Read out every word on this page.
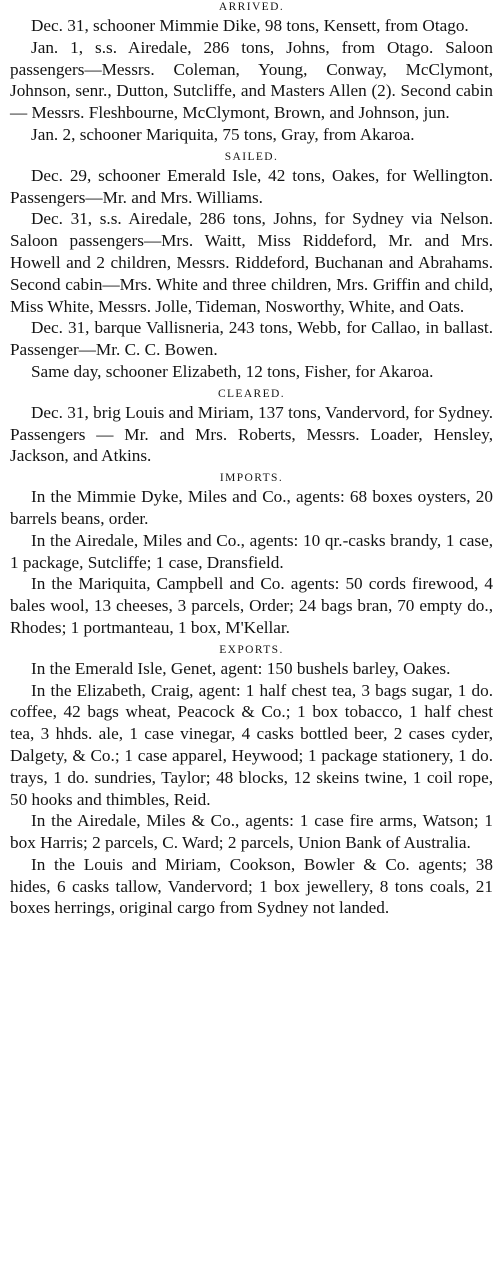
ARRIVED.

Dec. 31, schooner Mimmie Dike, 98 tons, Kensett, from Otago.

Jan. 1, s.s. Airedale, 286 tons, Johns, from Otago. Saloon passengers—Messrs. Coleman, Young, Conway, McClymont, Johnson, senr., Dutton, Sutcliffe, and Masters Allen (2). Second cabin — Messrs. Fleshbourne, McClymont, Brown, and Johnson, jun.

Jan. 2, schooner Mariquita, 75 tons, Gray, from Akaroa.

SAILED.

Dec. 29, schooner Emerald Isle, 42 tons, Oakes, for Wellington. Passengers—Mr. and Mrs. Williams.

Dec. 31, s.s. Airedale, 286 tons, Johns, for Sydney via Nelson. Saloon passengers—Mrs. Waitt, Miss Riddeford, Mr. and Mrs. Howell and 2 children, Messrs. Riddeford, Buchanan and Abrahams. Second cabin—Mrs. White and three children, Mrs. Griffin and child, Miss White, Messrs. Jolle, Tideman, Nosworthy, White, and Oats.

Dec. 31, barque Vallisneria, 243 tons, Webb, for Callao, in ballast. Passenger—Mr. C. C. Bowen.

Same day, schooner Elizabeth, 12 tons, Fisher, for Akaroa.

CLEARED.

Dec. 31, brig Louis and Miriam, 137 tons, Vandervord, for Sydney. Passengers — Mr. and Mrs. Roberts, Messrs. Loader, Hensley, Jackson, and Atkins.

IMPORTS.

In the Mimmie Dyke, Miles and Co., agents: 68 boxes oysters, 20 barrels beans, order.

In the Airedale, Miles and Co., agents: 10 qr.-casks brandy, 1 case, 1 package, Sutcliffe; 1 case, Dransfield.

In the Mariquita, Campbell and Co. agents: 50 cords firewood, 4 bales wool, 13 cheeses, 3 parcels, Order; 24 bags bran, 70 empty do., Rhodes; 1 portmanteau, 1 box, M'Kellar.

EXPORTS.

In the Emerald Isle, Genet, agent: 150 bushels barley, Oakes.

In the Elizabeth, Craig, agent: 1 half chest tea, 3 bags sugar, 1 do. coffee, 42 bags wheat, Peacock & Co.; 1 box tobacco, 1 half chest tea, 3 hhds. ale, 1 case vinegar, 4 casks bottled beer, 2 cases cyder, Dalgety, & Co.; 1 case apparel, Heywood; 1 package stationery, 1 do. trays, 1 do. sundries, Taylor; 48 blocks, 12 skeins twine, 1 coil rope, 50 hooks and thimbles, Reid.

In the Airedale, Miles & Co., agents: 1 case fire arms, Watson; 1 box Harris; 2 parcels, C. Ward; 2 parcels, Union Bank of Australia.

In the Louis and Miriam, Cookson, Bowler & Co. agents; 38 hides, 6 casks tallow, Vandervord; 1 box jewellery, 8 tons coals, 21 boxes herrings, original cargo from Sydney not landed.
